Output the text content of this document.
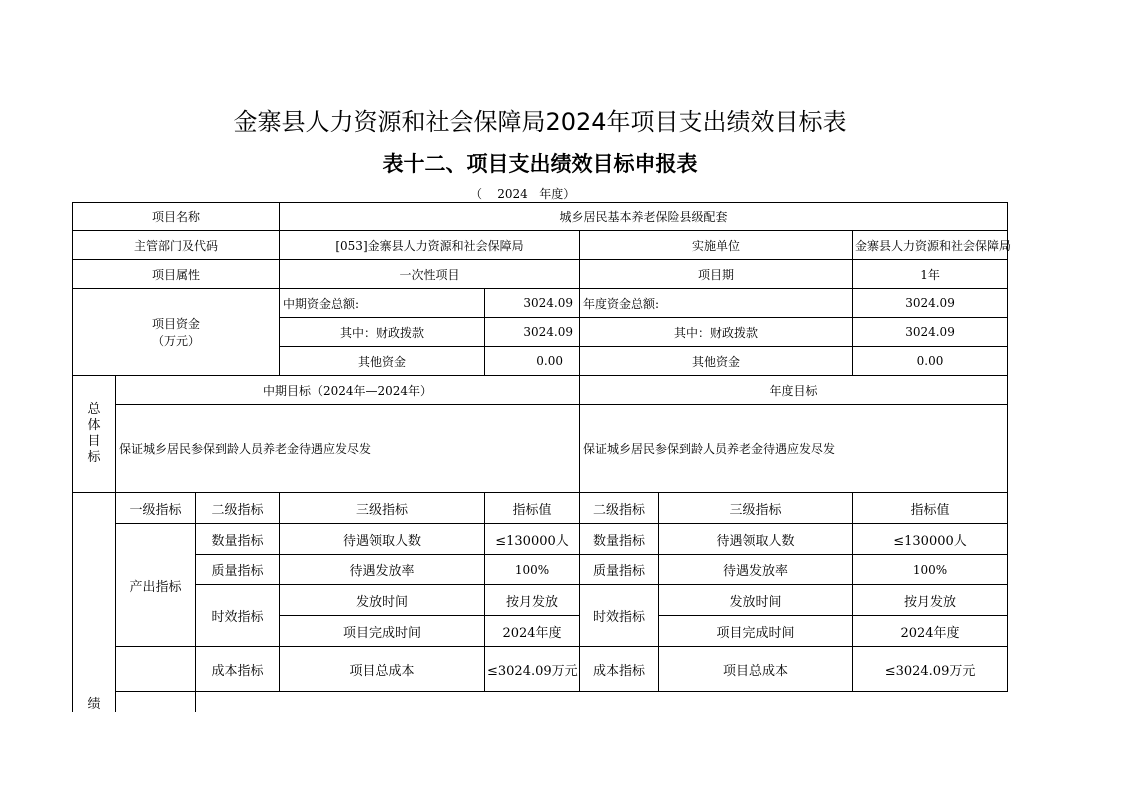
金寨县人力资源和社会保障局2024年项目支出绩效目标表
表十二、项目支出绩效目标申报表
（    2024   年度）
项目名称			城乡居民基本养老保险县级配套				
主管部门及代码			[053]金寨县人力资源和社会保障局		实施单位		金寨县人力资源和社会保障局
项目属性			一次性项目		项目期		1年

项目资金
（万元）			中期资金总额:	3024.09	年度资金总额:		3024.09
			其中：财政拨款	3024.09	其中：财政拨款		3024.09
			其他资金	0.00	其他资金		0.00
总体目标	中期目标（2024年—2024年）				年度目标		
	保证城乡居民参保到龄人员养老金待遇应发尽发				保证城乡居民参保到龄人员养老金待遇应发尽发		
绩	一级指标	二级指标	三级指标	指标值	二级指标	三级指标	指标值
	产出指标	数量指标	待遇领取人数	≤130000人	数量指标	待遇领取人数	≤130000人
		质量指标	待遇发放率	100%	质量指标	待遇发放率	100%
		时效指标	发放时间	按月发放	时效指标	发放时间	按月发放
			项目完成时间	2024年度		项目完成时间	2024年度
		成本指标	项目总成本	≤3024.09万元	成本指标	项目总成本	≤3024.09万元
